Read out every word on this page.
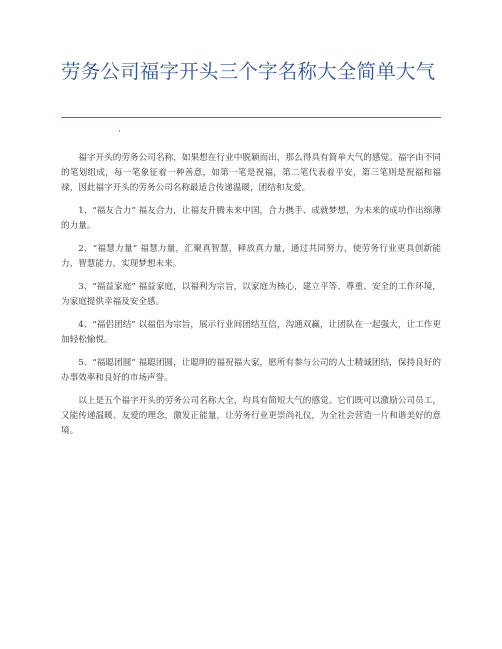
劳务公司福字开头三个字名称大全简单大气
·

福字开头的劳务公司名称，如果想在行业中脱颖而出，那么得具有简单大气的感觉。福字由不同的笔划组成，每一笔象征着一种善意，如第一笔是祝福，第二笔代表着平安，第三笔则是祝福和福禄，因此福字开头的劳务公司名称最适合传递温暖，团结和友爱。

1、“福友合力” 福友合力，让福友升腾未来中国，合力携手、成就梦想，为未来的成功作出绵薄的力量。

2、“福慧力量” 福慧力量，汇聚真智慧，释放真力量，通过共同努力，使劳务行业更具创新能力、智慧能力，实现梦想未来。

3、“福益家庭” 福益家庭，以福利为宗旨，以家庭为核心，建立平等、尊重、安全的工作环境，为家庭提供幸福及安全感。

4、“福侣团结” 以福侣为宗旨，展示行业间团结互信，沟通双赢，让团队在一起强大，让工作更加轻松愉悦。

5、“福聪团圆” 福聪团圆，让聪明的福祝福大家，愿所有参与公司的人士精诚团结，保持良好的办事效率和良好的市场声誉。

以上是五个福字开头的劳务公司名称大全，均具有简短大气的感觉。它们既可以激励公司员工，又能传递温暖、友爱的理念，激发正能量，让劳务行业更崇尚礼仪，为全社会营造一片和谐美好的意境。
